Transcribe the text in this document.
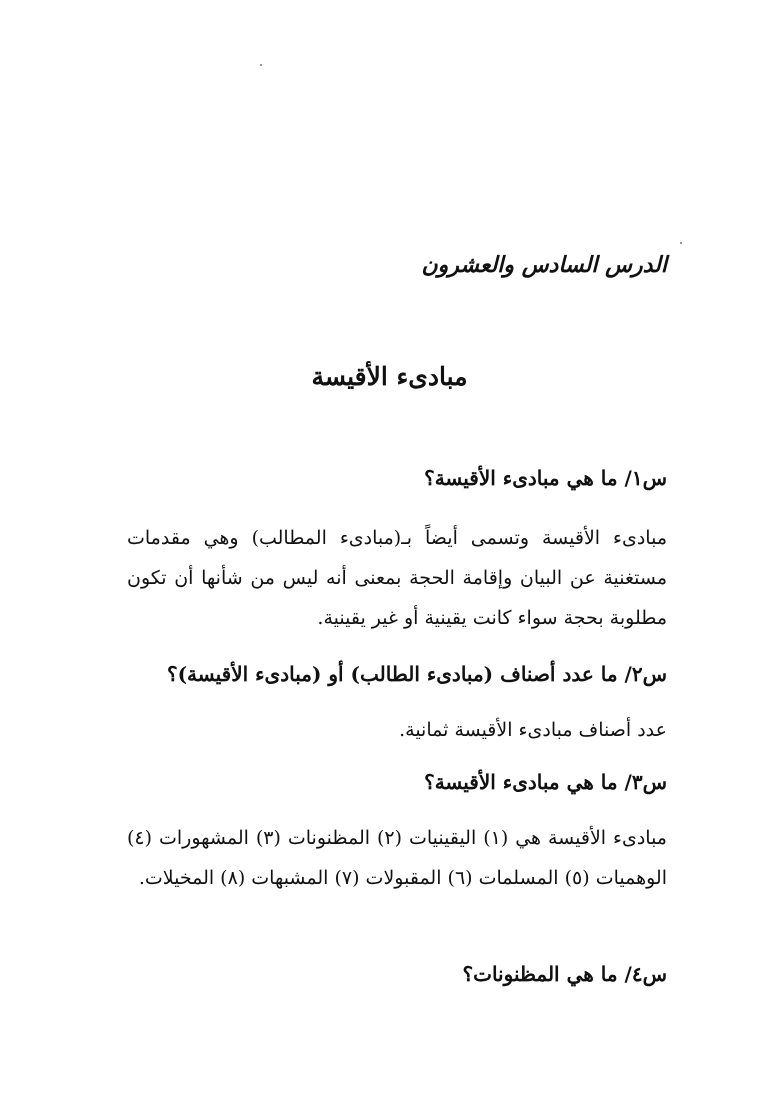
الدرس السادس والعشرون
مبادىء الأقيسة
س١/ ما هي مبادىء الأقيسة؟
مبادىء الأقيسة وتسمى أيضاً بـ(مبادىء المطالب) وهي مقدمات مستغنية عن البيان وإقامة الحجة بمعنى أنه ليس من شأنها أن تكون مطلوبة بحجة سواء كانت يقينية أو غير يقينية.
س٢/ ما عدد أصناف (مبادىء الطالب) أو (مبادىء الأقيسة)؟
عدد أصناف مبادىء الأقيسة ثمانية.
س٣/ ما هي مبادىء الأقيسة؟
مبادىء الأقيسة هي (١) اليقينيات (٢) المظنونات (٣) المشهورات (٤) الوهميات (٥) المسلمات (٦) المقبولات (٧) المشبهات (٨) المخيلات.
س٤/ ما هي المظنونات؟
